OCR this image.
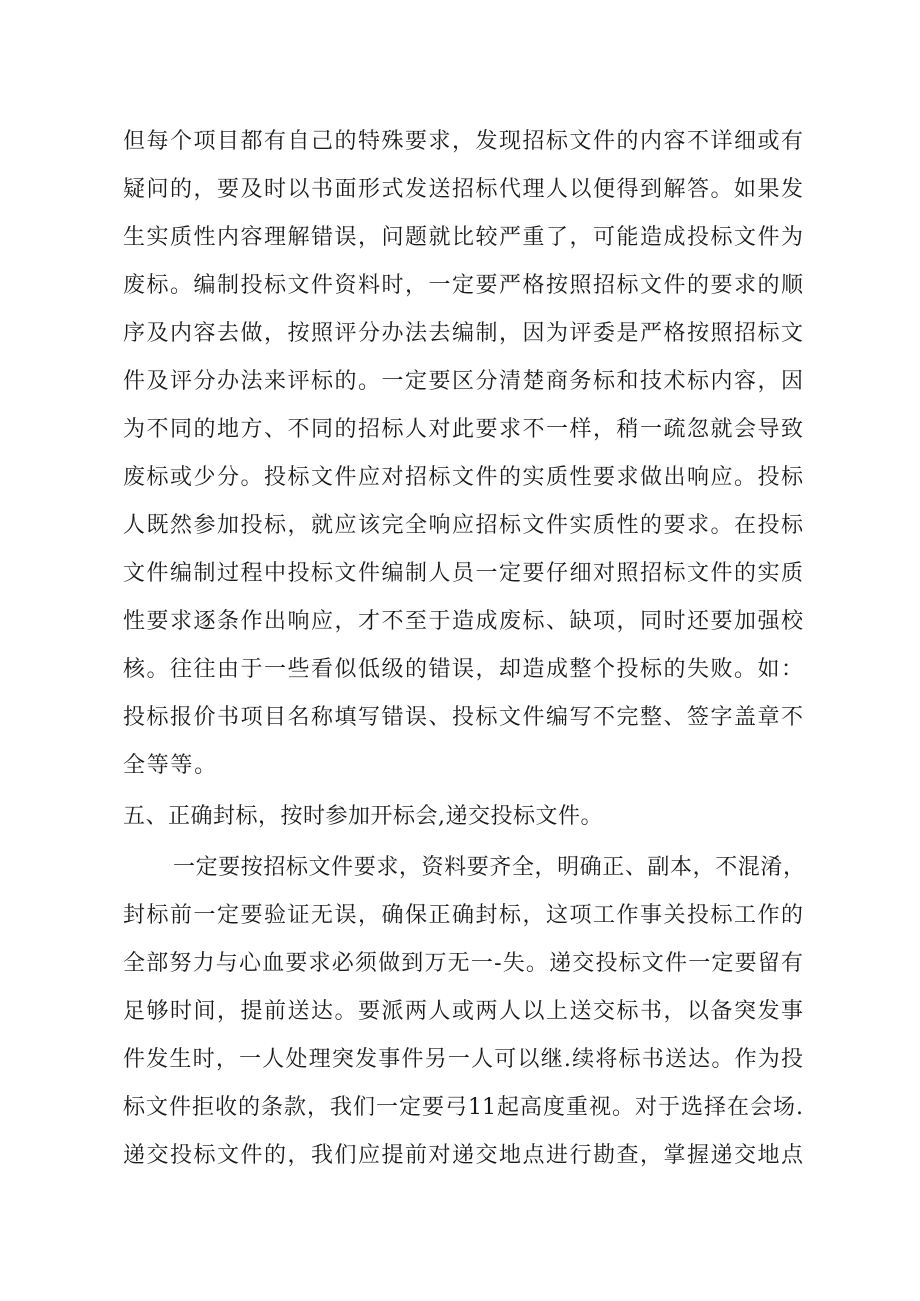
但每个项目都有自己的特殊要求，发现招标文件的内容不详细或有
疑问的，要及时以书面形式发送招标代理人以便得到解答。如果发
生实质性内容理解错误，问题就比较严重了，可能造成投标文件为
废标。编制投标文件资料时，一定要严格按照招标文件的要求的顺
序及内容去做，按照评分办法去编制，因为评委是严格按照招标文
件及评分办法来评标的。一定要区分清楚商务标和技术标内容，因
为不同的地方、不同的招标人对此要求不一样，稍一疏忽就会导致
废标或少分。投标文件应对招标文件的实质性要求做出响应。投标
人既然参加投标，就应该完全响应招标文件实质性的要求。在投标
文件编制过程中投标文件编制人员一定要仔细对照招标文件的实质
性要求逐条作出响应，才不至于造成废标、缺项，同时还要加强校
核。往往由于一些看似低级的错误，却造成整个投标的失败。如：
投标报价书项目名称填写错误、投标文件编写不完整、签字盖章不
全等等。
五、正确封标，按时参加开标会,递交投标文件。
一定要按招标文件要求，资料要齐全，明确正、副本，不混淆，
封标前一定要验证无误，确保正确封标，这项工作事关投标工作的
全部努力与心血要求必须做到万无一-失。递交投标文件一定要留有
足够时间，提前送达。要派两人或两人以上送交标书，以备突发事
件发生时，一人处理突发事件另一人可以继.续将标书送达。作为投
标文件拒收的条款，我们一定要弓11起高度重视。对于选择在会场.
递交投标文件的，我们应提前对递交地点进行勘查，掌握递交地点
